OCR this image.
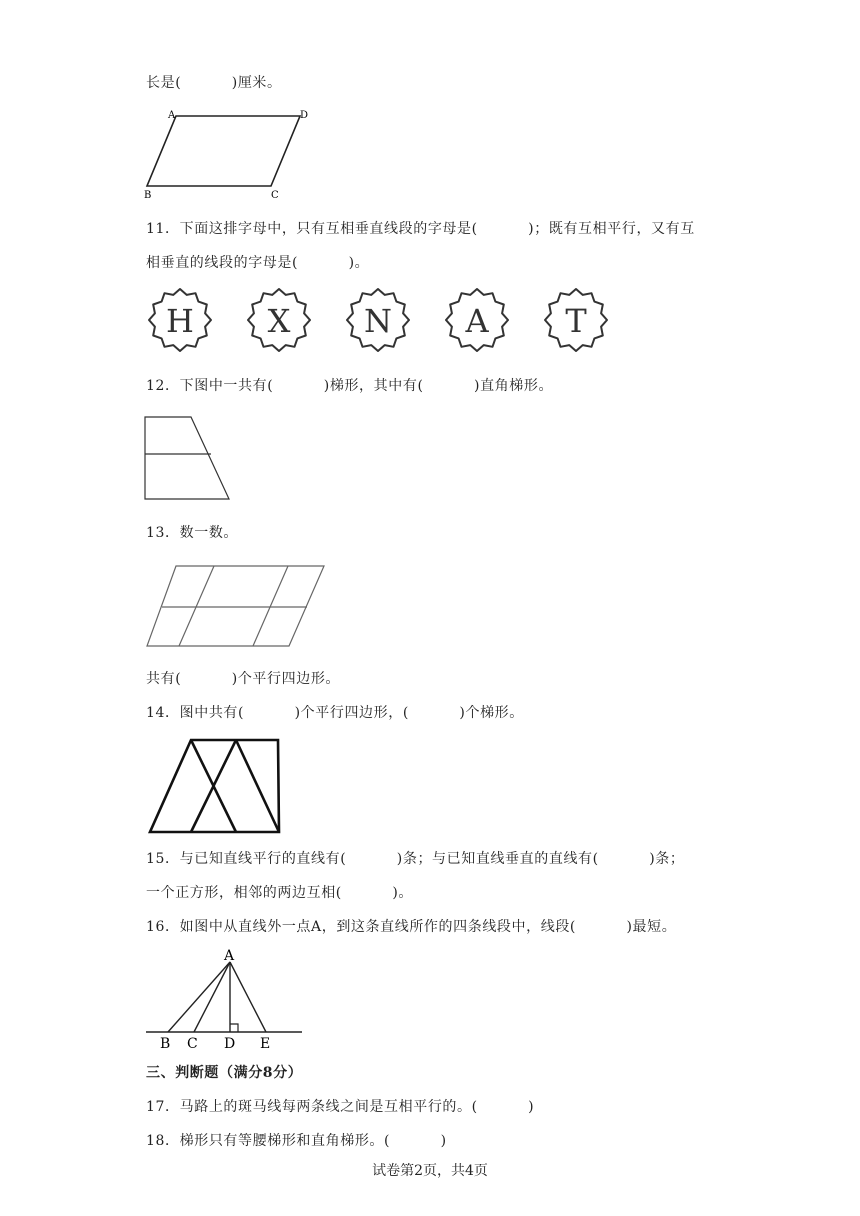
长是(          )厘米。
A	D
B	C
11．下面这排字母中，只有互相垂直线段的字母是(          )；既有互相平行，又有互
相垂直的线段的字母是(          )。
H X N A T
12．下图中一共有(          )梯形，其中有(          )直角梯形。
13．数一数。
共有(          )个平行四边形。
14．图中共有(          )个平行四边形，(          )个梯形。
15．与已知直线平行的直线有(          )条；与已知直线垂直的直线有(          )条；
一个正方形，相邻的两边互相(          )。
16．如图中从直线外一点A，到这条直线所作的四条线段中，线段(          )最短。
A
B C D E
三、判断题（满分8分）
17．马路上的斑马线每两条线之间是互相平行的。(          )
18．梯形只有等腰梯形和直角梯形。(          )
试卷第2页，共4页
